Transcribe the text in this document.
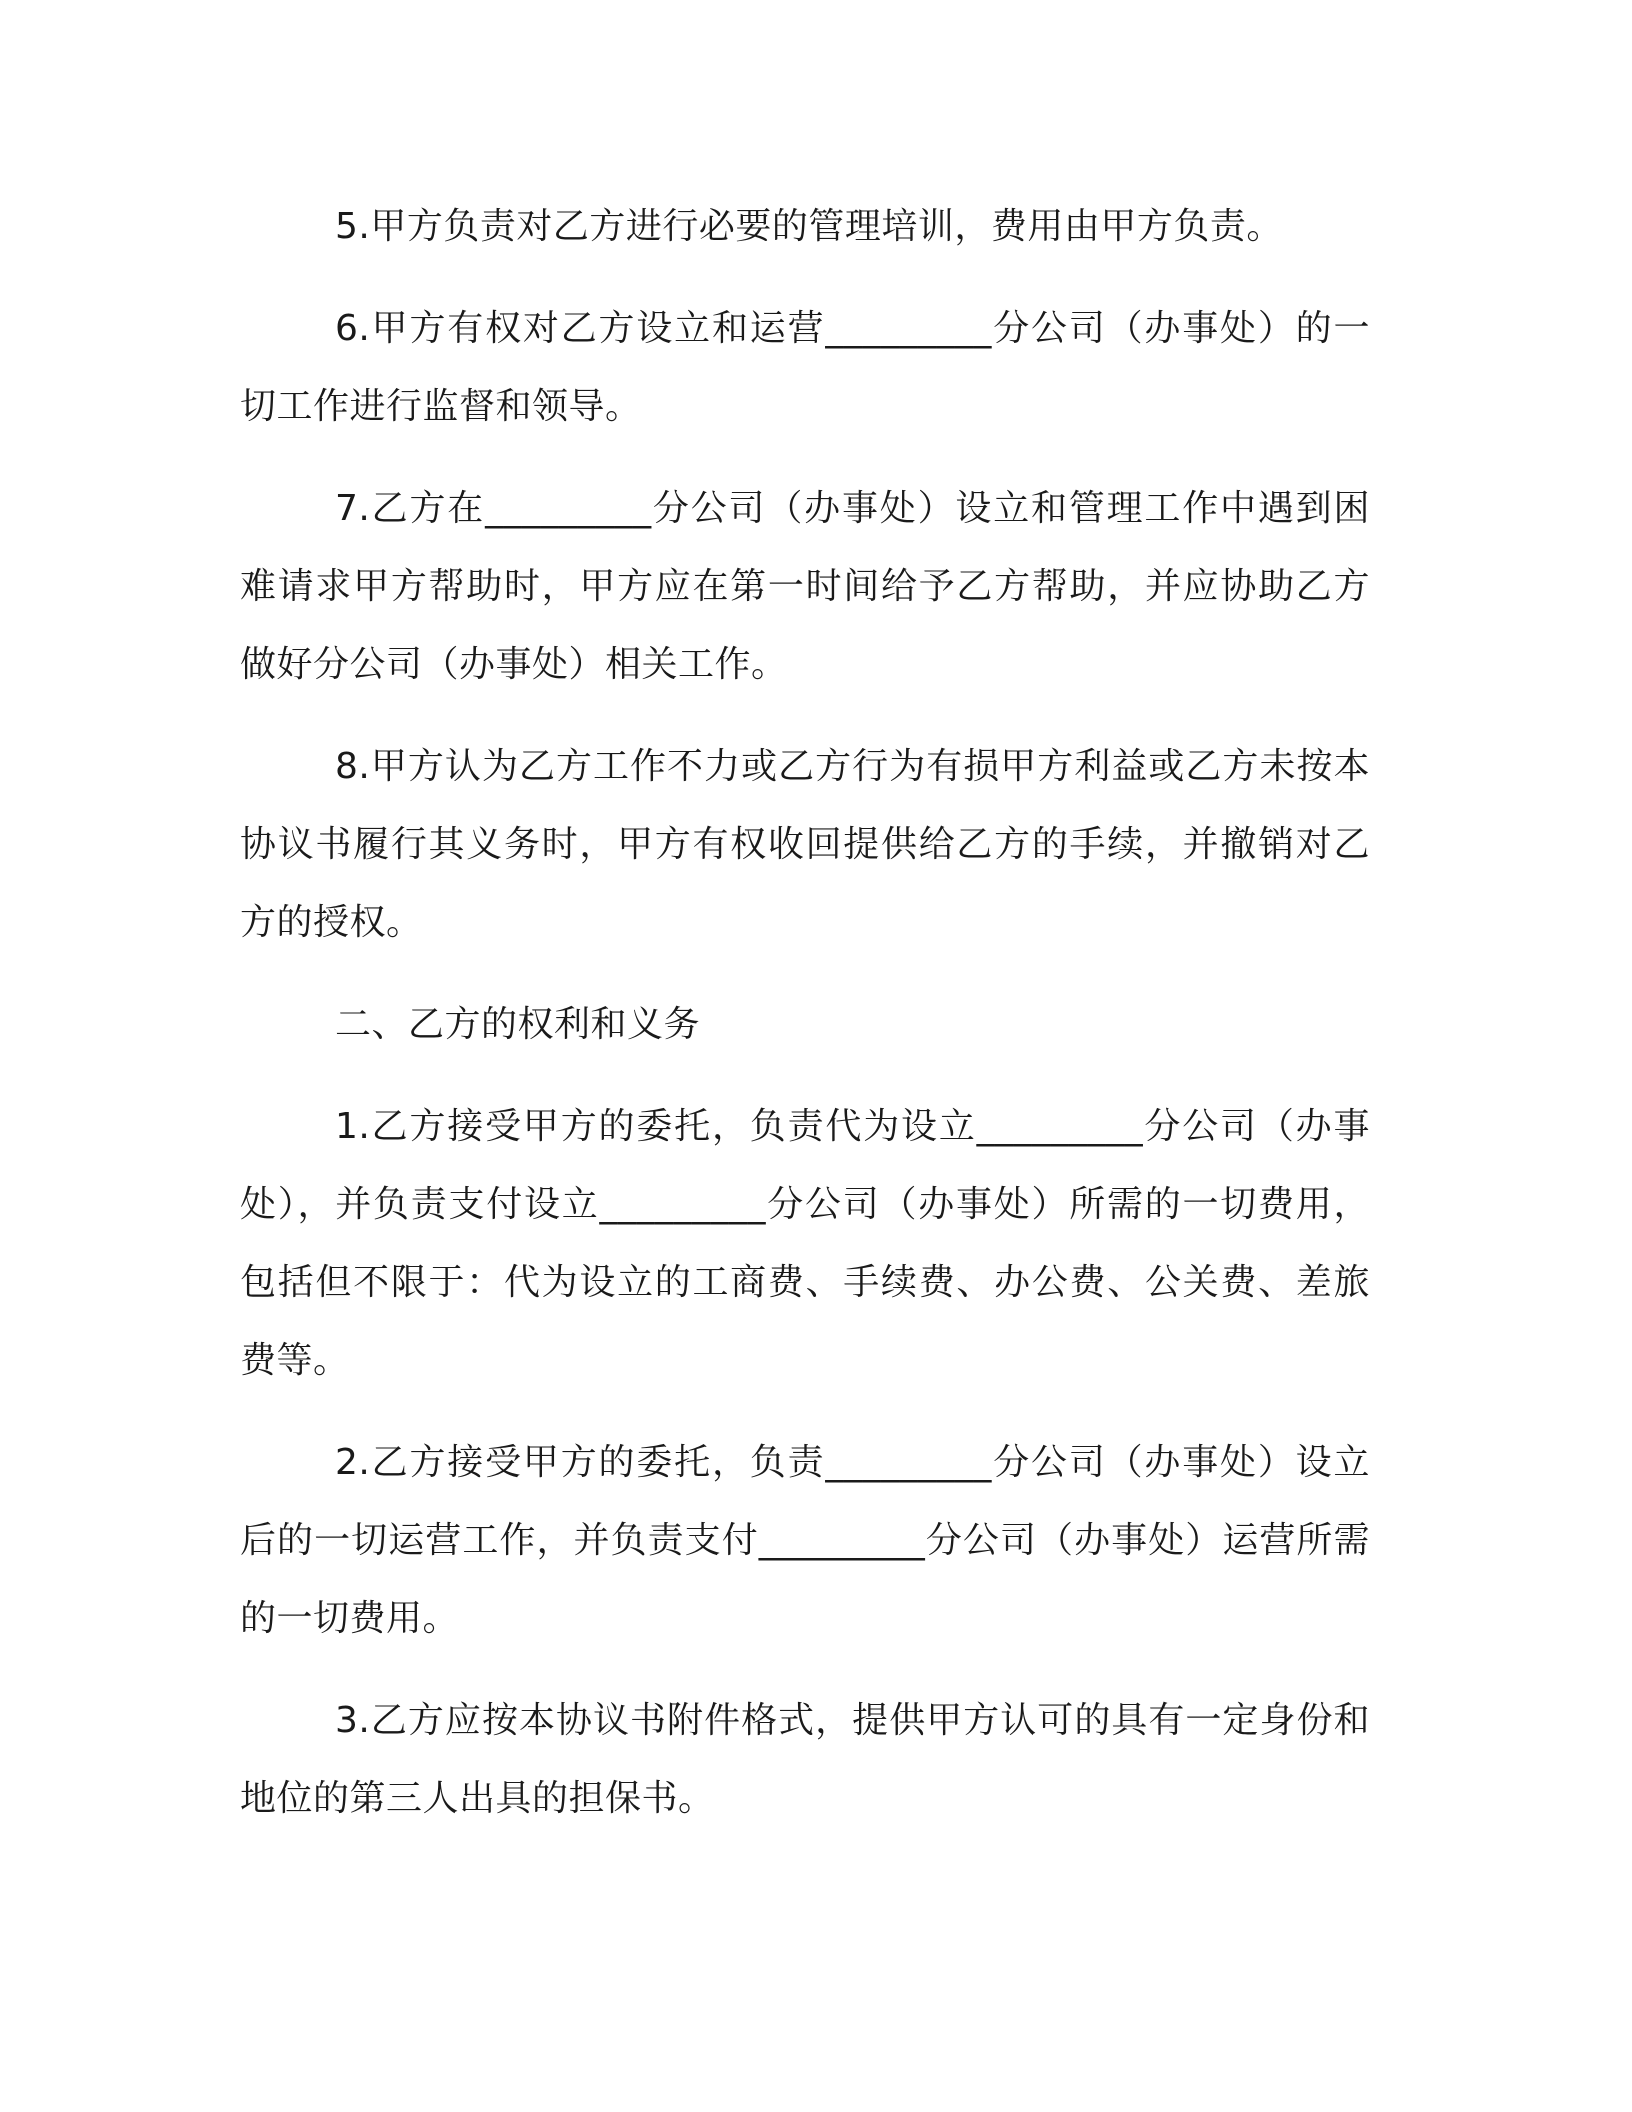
5.甲方负责对乙方进行必要的管理培训，费用由甲方负责。

6.甲方有权对乙方设立和运营_________分公司（办事处）的一切工作进行监督和领导。

7.乙方在_________分公司（办事处）设立和管理工作中遇到困难请求甲方帮助时，甲方应在第一时间给予乙方帮助，并应协助乙方做好分公司（办事处）相关工作。

8.甲方认为乙方工作不力或乙方行为有损甲方利益或乙方未按本协议书履行其义务时，甲方有权收回提供给乙方的手续，并撤销对乙方的授权。

二、乙方的权利和义务

1.乙方接受甲方的委托，负责代为设立_________分公司（办事处），并负责支付设立_________分公司（办事处）所需的一切费用，包括但不限于：代为设立的工商费、手续费、办公费、公关费、差旅费等。

2.乙方接受甲方的委托，负责_________分公司（办事处）设立后的一切运营工作，并负责支付_________分公司（办事处）运营所需的一切费用。

3.乙方应按本协议书附件格式，提供甲方认可的具有一定身份和地位的第三人出具的担保书。
